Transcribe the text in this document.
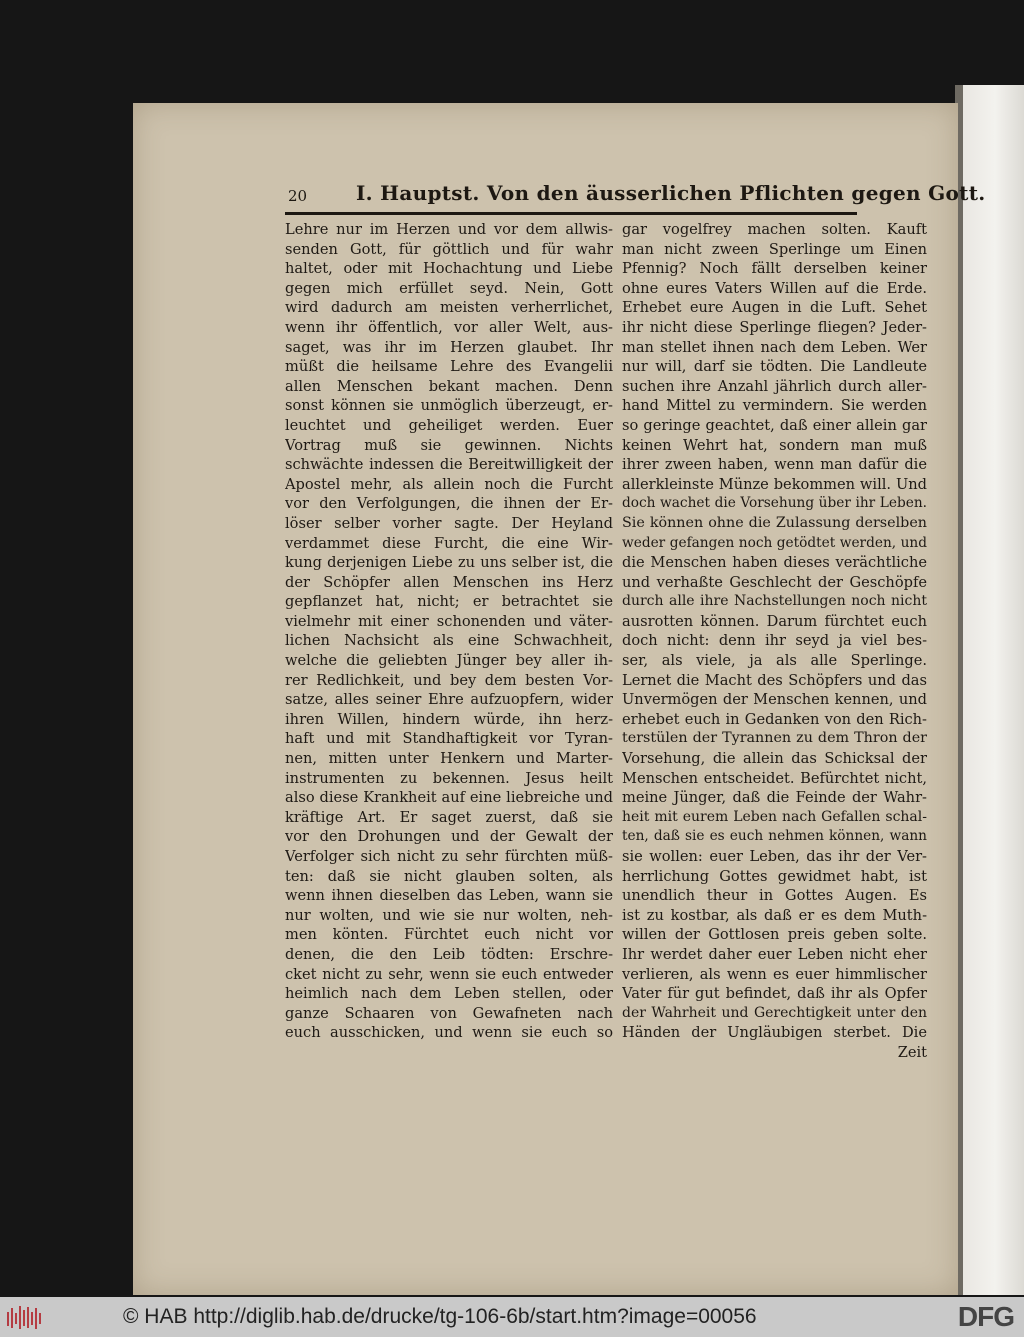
20 I. Hauptst. Von den äusserlichen Pflichten gegen Gott.
Lehre nur im Herzen und vor dem allwis-
senden Gott, für göttlich und für wahr
haltet, oder mit Hochachtung und Liebe
gegen mich erfüllet seyd. Nein, Gott
wird dadurch am meisten verherrlichet,
wenn ihr öffentlich, vor aller Welt, aus-
saget, was ihr im Herzen glaubet. Ihr
müßt die heilsame Lehre des Evangelii
allen Menschen bekant machen. Denn
sonst können sie unmöglich überzeugt, er-
leuchtet und geheiliget werden. Euer
Vortrag muß sie gewinnen. Nichts
schwächte indessen die Bereitwilligkeit der
Apostel mehr, als allein noch die Furcht
vor den Verfolgungen, die ihnen der Er-
löser selber vorher sagte. Der Heyland
verdammet diese Furcht, die eine Wir-
kung derjenigen Liebe zu uns selber ist, die
der Schöpfer allen Menschen ins Herz
gepflanzet hat, nicht; er betrachtet sie
vielmehr mit einer schonenden und väter-
lichen Nachsicht als eine Schwachheit,
welche die geliebten Jünger bey aller ih-
rer Redlichkeit, und bey dem besten Vor-
satze, alles seiner Ehre aufzuopfern, wider
ihren Willen, hindern würde, ihn herz-
haft und mit Standhaftigkeit vor Tyran-
nen, mitten unter Henkern und Marter-
instrumenten zu bekennen. Jesus heilt
also diese Krankheit auf eine liebreiche und
kräftige Art. Er saget zuerst, daß sie
vor den Drohungen und der Gewalt der
Verfolger sich nicht zu sehr fürchten müß-
ten: daß sie nicht glauben solten, als
wenn ihnen dieselben das Leben, wann sie
nur wolten, und wie sie nur wolten, neh-
men könten. Fürchtet euch nicht vor
denen, die den Leib tödten: Erschre-
cket nicht zu sehr, wenn sie euch entweder
heimlich nach dem Leben stellen, oder
ganze Schaaren von Gewafneten nach
euch ausschicken, und wenn sie euch so
gar vogelfrey machen solten. Kauft
man nicht zween Sperlinge um Einen
Pfennig? Noch fällt derselben keiner
ohne eures Vaters Willen auf die Erde.
Erhebet eure Augen in die Luft. Sehet
ihr nicht diese Sperlinge fliegen? Jeder-
man stellet ihnen nach dem Leben. Wer
nur will, darf sie tödten. Die Landleute
suchen ihre Anzahl jährlich durch aller-
hand Mittel zu vermindern. Sie werden
so geringe geachtet, daß einer allein gar
keinen Wehrt hat, sondern man muß
ihrer zween haben, wenn man dafür die
allerkleinste Münze bekommen will. Und
doch wachet die Vorsehung über ihr Leben.
Sie können ohne die Zulassung derselben
weder gefangen noch getödtet werden, und
die Menschen haben dieses verächtliche
und verhaßte Geschlecht der Geschöpfe
durch alle ihre Nachstellungen noch nicht
ausrotten können. Darum fürchtet euch
doch nicht: denn ihr seyd ja viel bes-
ser, als viele, ja als alle Sperlinge.
Lernet die Macht des Schöpfers und das
Unvermögen der Menschen kennen, und
erhebet euch in Gedanken von den Rich-
terstülen der Tyrannen zu dem Thron der
Vorsehung, die allein das Schicksal der
Menschen entscheidet. Befürchtet nicht,
meine Jünger, daß die Feinde der Wahr-
heit mit eurem Leben nach Gefallen schal-
ten, daß sie es euch nehmen können, wann
sie wollen: euer Leben, das ihr der Ver-
herrlichung Gottes gewidmet habt, ist
unendlich theur in Gottes Augen. Es
ist zu kostbar, als daß er es dem Muth-
willen der Gottlosen preis geben solte.
Ihr werdet daher euer Leben nicht eher
verlieren, als wenn es euer himmlischer
Vater für gut befindet, daß ihr als Opfer
der Wahrheit und Gerechtigkeit unter den
Händen der Ungläubigen sterbet. Die
Zeit
© HAB http://diglib.hab.de/drucke/tg-106-6b/start.htm?image=00056	DFG
